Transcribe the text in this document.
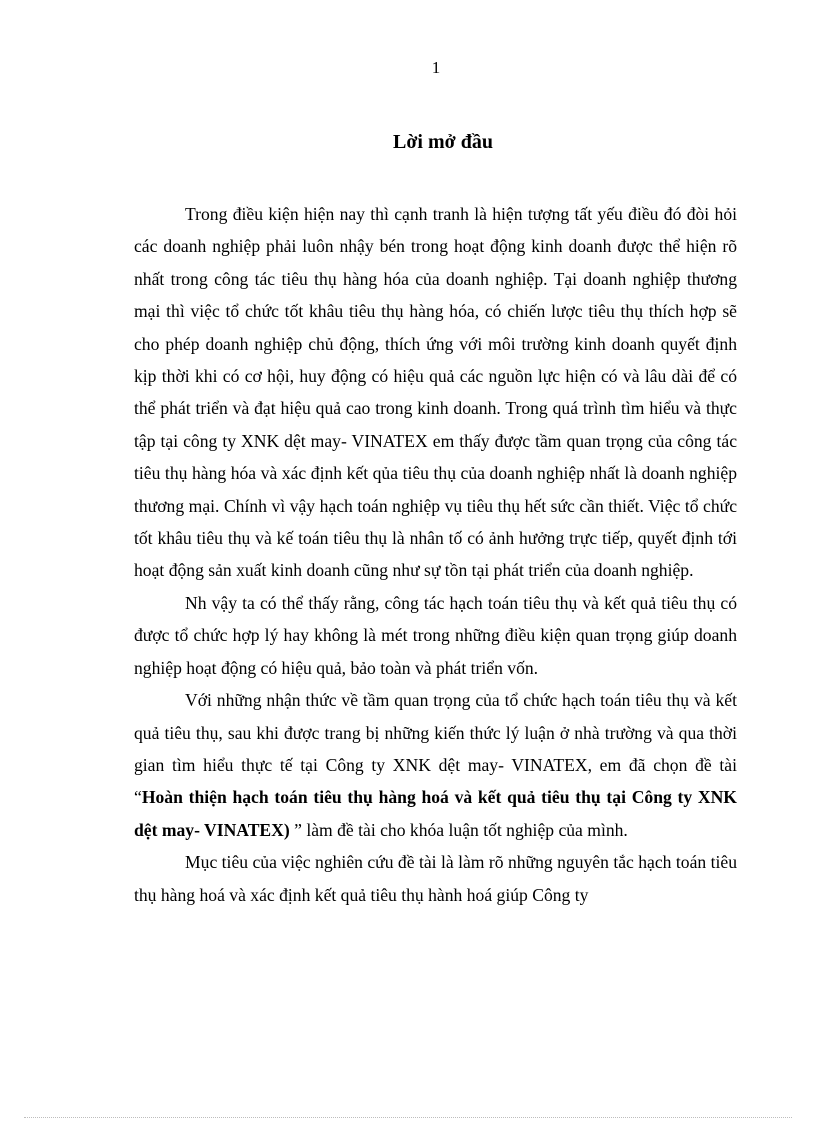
1
Lời mở đầu

Trong điều kiện hiện nay thì cạnh tranh là hiện tượng tất yếu điều đó đòi hỏi các doanh nghiệp phải luôn nhậy bén trong hoạt động kinh doanh được thể hiện rõ nhất trong công tác tiêu thụ hàng hóa của doanh nghiệp. Tại doanh nghiệp thương mại thì việc tổ chức tốt khâu tiêu thụ hàng hóa, có chiến lược tiêu thụ thích hợp sẽ cho phép doanh nghiệp chủ động, thích ứng với môi trường kinh doanh quyết định kịp thời khi có cơ hội, huy động có hiệu quả các nguồn lực hiện có và lâu dài để có thể phát triển và đạt hiệu quả cao trong kinh doanh. Trong quá trình tìm hiểu và thực tập tại công ty XNK dệt may- VINATEX em thấy được tầm quan trọng của công tác tiêu thụ hàng hóa và xác định kết qủa tiêu thụ của doanh nghiệp nhất là doanh nghiệp thương mại. Chính vì vậy hạch toán nghiệp vụ tiêu thụ hết sức cần thiết. Việc tổ chức tốt khâu tiêu thụ và kế toán tiêu thụ là nhân tố có ảnh hưởng trực tiếp, quyết định tới hoạt động sản xuất kinh doanh cũng như sự tồn tại phát triển của doanh nghiệp.

Nh vậy ta có thể thấy rằng, công tác hạch toán tiêu thụ và kết quả tiêu thụ có được tổ chức hợp lý hay không là mét trong những điều kiện quan trọng giúp doanh nghiệp hoạt động có hiệu quả, bảo toàn và phát triển vốn.

Với những nhận thức về tầm quan trọng của tổ chức hạch toán tiêu thụ và kết quả tiêu thụ, sau khi được trang bị những kiến thức lý luận ở nhà trường và qua thời gian tìm hiểu thực tế tại Công ty XNK dệt may- VINATEX, em đã chọn đề tài “Hoàn thiện hạch toán tiêu thụ hàng hoá và kết quả tiêu thụ tại Công ty XNK dệt may- VINATEX) ” làm đề tài cho khóa luận tốt nghiệp của mình.

Mục tiêu của việc nghiên cứu đề tài là làm rõ những nguyên tắc hạch toán tiêu thụ hàng hoá và xác định kết quả tiêu thụ hành hoá giúp Công ty
